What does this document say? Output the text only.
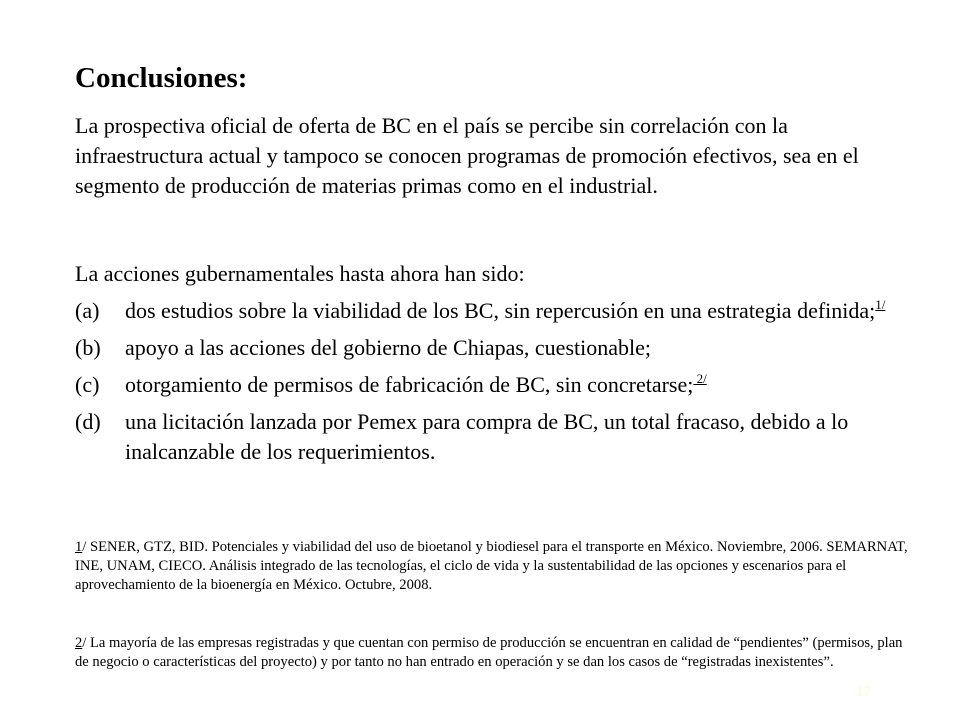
Conclusiones:

La prospectiva oficial de oferta de BC en el país se percibe sin correlación con la infraestructura actual y tampoco se conocen programas de promoción efectivos, sea en el segmento de producción de materias primas como en el industrial.

La acciones gubernamentales hasta ahora han sido:

(a) dos estudios sobre la viabilidad de los BC, sin repercusión en una estrategia definida;$^{1/}$
(b) apoyo a las acciones del gobierno de Chiapas, cuestionable;
(c) otorgamiento de permisos de fabricación de BC, sin concretarse; $^{2/}$
(d) una licitación lanzada por Pemex para compra de BC, un total fracaso, debido a lo inalcanzable de los requerimientos.

1/ SENER, GTZ, BID. Potenciales y viabilidad del uso de bioetanol y biodiesel para el transporte en México. Noviembre, 2006. SEMARNAT, INE, UNAM, CIECO. Análisis integrado de las tecnologías, el ciclo de vida y la sustentabilidad de las opciones y escenarios para el aprovechamiento de la bioenergía en México. Octubre, 2008.

2/ La mayoría de las empresas registradas y que cuentan con permiso de producción se encuentran en calidad de “pendientes” (permisos, plan de negocio o características del proyecto) y por tanto no han entrado en operación y se dan los casos de “registradas inexistentes”.

17
